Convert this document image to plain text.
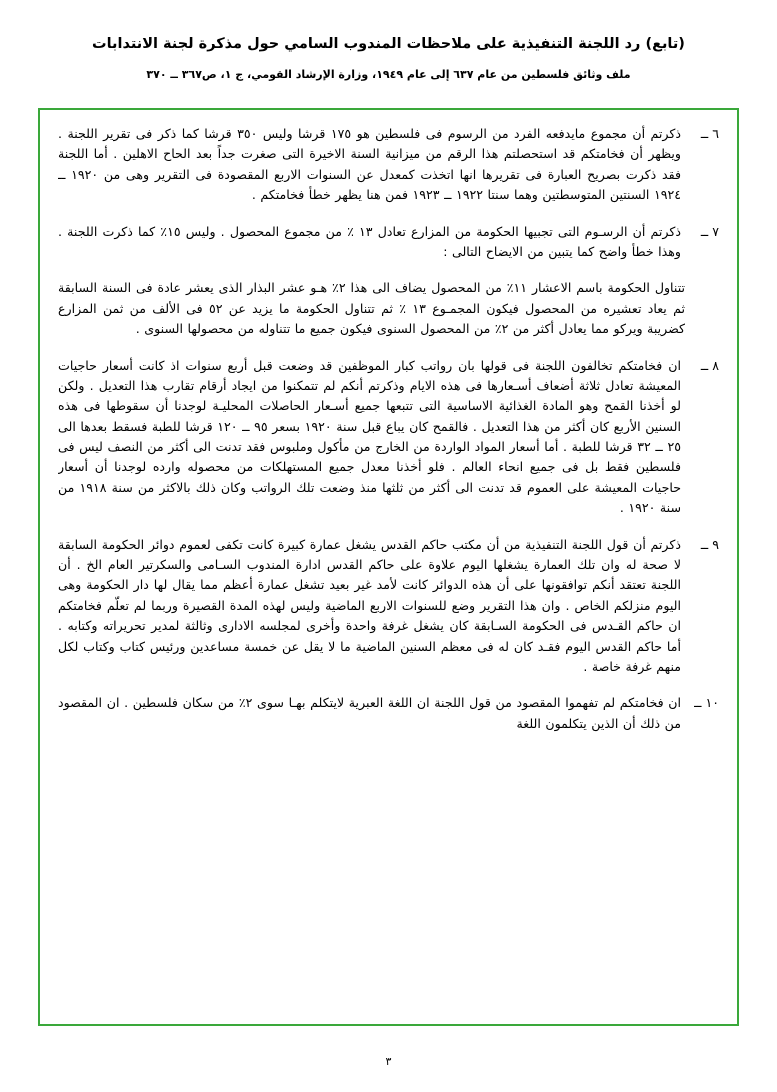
(تابع) رد اللجنة التنفيذية على ملاحظات المندوب السامي حول مذكرة لجنة الانتدابات
ملف وثائق فلسطين من عام ٦٣٧ إلى عام ١٩٤٩، وزارة الإرشاد القومي، ج ١، ص٣٦٧ ــ ٣٧٠
٦ ــ
ذكرتم أن مجموع مايدفعه الفرد من الرسوم فى فلسطين هو ١٧٥ قرشا وليس ٣٥٠ قرشا كما ذكر فى تقرير اللجنة . ويظهر أن فخامتكم قد استحصلتم هذا الرقم من ميزانية السنة الاخيرة التى صغرت جداً بعد الحاح الاهلين . أما اللجنة فقد ذكرت بصريح العبارة فى تقريرها انها اتخذت كمعدل عن السنوات الاربع المقصودة فى التقرير وهى من ١٩٢٠ ــ ١٩٢٤ السنتين المتوسطتين وهما سنتا ١٩٢٢ ــ ١٩٢٣ فمن هنا يظهر خطأ فخامتكم .
٧ ــ
ذكرتم أن الرسـوم التى تجبيها الحكومة من المزارع تعادل ١٣ ٪ من مجموع المحصول . وليس ١٥٪ كما ذكرت اللجنة . وهذا خطأ واضح كما يتبين من الايضاح التالى :
تتناول الحكومة باسم الاعشار ١١٪ من المحصول يضاف الى هذا ٢٪ هـو عشر البذار الذى يعشر عادة فى السنة السابقة ثم يعاد تعشيره من المحصول فيكون المجمـوع ١٣ ٪ ثم تتناول الحكومة ما يزيد عن ٥٢ فى الألف من ثمن المزارع كضريبة ويركو مما يعادل أكثر من ٢٪ من المحصول السنوى فيكون جميع ما تتناوله من محصولها السنوى .
٨ ــ
ان فخامتكم تخالفون اللجنة فى قولها بان رواتب كبار الموظفين قد وضعت قبل أربع سنوات اذ كانت أسعار حاجيات المعيشة تعادل ثلاثة أضعاف أسـعارها فى هذه الايام وذكرتم أنكم لم تتمكنوا من ايجاد أرقام تقارب هذا التعديل . ولكن لو أخذنا القمح وهو المادة الغذائية الاساسية التى تتبعها جميع أسـعار الحاصلات المحليـة لوجدنا أن سقوطها فى هذه السنين الأربع كان أكثر من هذا التعديل . فالقمح كان يباع قبل سنة ١٩٢٠ بسعر ٩٥ ــ ١٢٠ قرشا للطبة فسقط بعدها الى ٢٥ ــ ٣٢ قرشا للطبة . أما أسعار المواد الواردة من الخارج من مأكول وملبوس فقد تدنت الى أكثر من النصف ليس فى فلسطين فقط بل فى جميع انحاء العالم . فلو أخذنا معدل جميع المستهلكات من محصوله وارده لوجدنا أن أسعار حاجيات المعيشة على العموم قد تدنت الى أكثر من ثلثها منذ وضعت تلك الرواتب وكان ذلك بالاكثر من سنة ١٩١٨ من سنة ١٩٢٠ .
٩ ــ
ذكرتم أن قول اللجنة التنفيذية من أن مكتب حاكم القدس يشغل عمارة كبيرة كانت تكفى لعموم دوائر الحكومة السابقة لا صحة له وان تلك العمارة يشغلها اليوم علاوة على حاكم القدس ادارة المندوب السـامى والسكرتير العام الخ . أن اللجنة تعتقد أنكم توافقونها على أن هذه الدوائر كانت لأمد غير بعيد تشغل عمارة أعظم مما يقال لها دار الحكومة وهى اليوم منزلكم الخاص . وان هذا التقرير وضع للسنوات الاربع الماضية وليس لهذه المدة القصيرة وربما لم تعلّم فخامتكم ان حاكم القـدس فى الحكومة السـابقة كان يشغل غرفة واحدة وأخرى لمجلسه الادارى وثالثة لمدير تحريراته وكتابه . أما حاكم القدس اليوم فقـد كان له فى معظم السنين الماضية ما لا يقل عن خمسة مساعدين ورئيس كتاب وكتاب لكل منهم غرفة خاصة .
١٠ ــ
ان فخامتكم لم تفهموا المقصود من قول اللجنة ان اللغة العبرية لايتكلم بهـا سوى ٢٪ من سكان فلسطين . ان المقصود من ذلك أن الذين يتكلمون اللغة
٣
